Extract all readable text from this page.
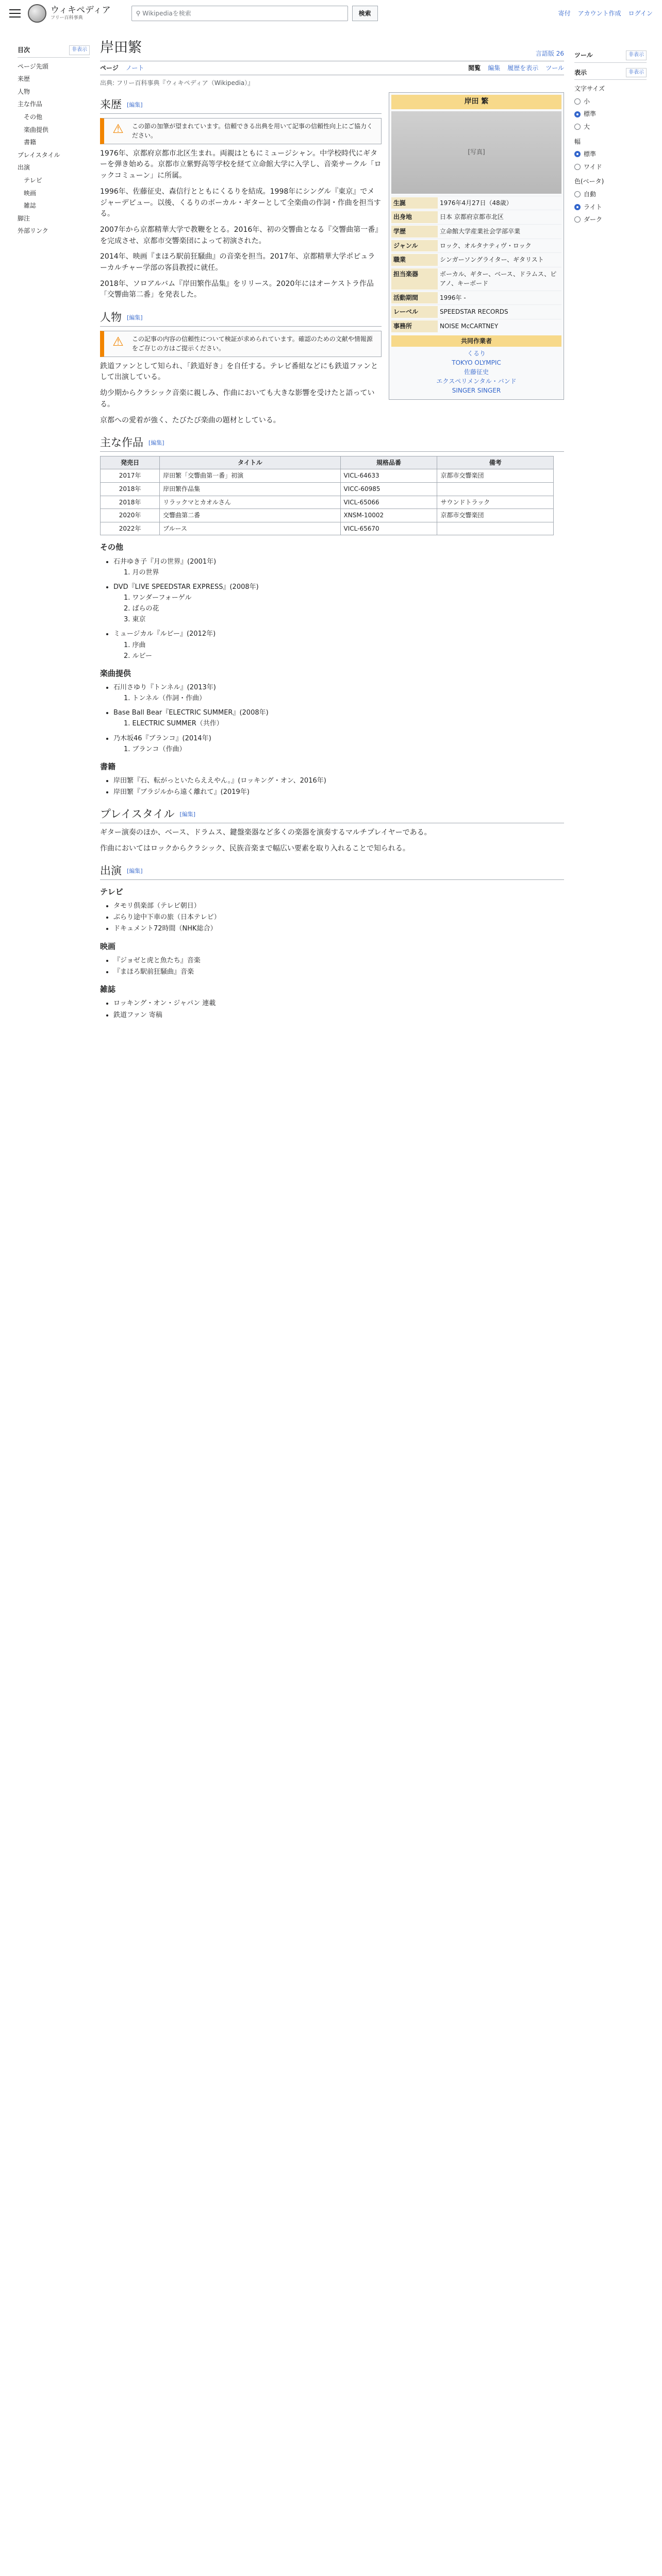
ウィキペディア
フリー百科事典
⚲ Wikipediaを検索	検索	寄付 アカウント作成 ログイン
目次	非表示
ページ先頭
来歴
人物
主な作品
その他
楽曲提供
書籍
プレイスタイル
出演
テレビ
映画
雑誌
脚注
外部リンク
ツール	非表示
表示	非表示
文字サイズ
小
標準
大
幅
標準
ワイド
色(ベータ)
自動
ライト
ダーク
岸田繁	言語版 26
ページ ノート	閲覧 編集 履歴を表示 ツール
出典: フリー百科事典『ウィキペディア（Wikipedia）』
岸田 繁
[写真]
生誕	1976年4月27日（48歳）
出身地	日本 京都府京都市北区
学歴	立命館大学産業社会学部卒業
ジャンル	ロック、オルタナティヴ・ロック
職業	シンガーソングライター、ギタリスト
担当楽器	ボーカル、ギター、ベース、ドラムス、ピアノ、キーボード
活動期間	1996年 -
レーベル	SPEEDSTAR RECORDS
事務所	NOISE McCARTNEY
共同作業者
くるり
TOKYO OLYMPIC
佐藤征史
エクスペリメンタル・バンド
SINGER SINGER
来歴 [編集]
⚠	この節の加筆が望まれています。信頼できる出典を用いて記事の信頼性向上にご協力ください。

1976年、京都府京都市北区生まれ。両親はともにミュージシャン。中学校時代にギターを弾き始める。京都市立紫野高等学校を経て立命館大学に入学し、音楽サークル「ロックコミューン」に所属。

1996年、佐藤征史、森信行とともにくるりを結成。1998年にシングル『東京』でメジャーデビュー。以後、くるりのボーカル・ギターとして全楽曲の作詞・作曲を担当する。

2007年から京都精華大学で教鞭をとる。2016年、初の交響曲となる『交響曲第一番』を完成させ、京都市交響楽団によって初演された。

2014年、映画『まほろ駅前狂騒曲』の音楽を担当。2017年、京都精華大学ポピュラーカルチャー学部の客員教授に就任。

2018年、ソロアルバム『岸田繁作品集』をリリース。2020年にはオーケストラ作品「交響曲第二番」を発表した。

人物 [編集]
⚠	この記事の内容の信頼性について検証が求められています。確認のための文献や情報源をご存じの方はご提示ください。

鉄道ファンとして知られ、「鉄道好き」を自任する。テレビ番組などにも鉄道ファンとして出演している。

幼少期からクラシック音楽に親しみ、作曲においても大きな影響を受けたと語っている。

京都への愛着が強く、たびたび楽曲の題材としている。

主な作品 [編集]
発売日	タイトル	規格品番	備考
2017年	岸田繁「交響曲第一番」初演	VICL-64633	京都市交響楽団
2018年	岸田繁作品集	VICC-60985	
2018年	リラックマとカオルさん	VICL-65066	サウンドトラック
2020年	交響曲第二番	XNSM-10002	京都市交響楽団
2022年	ブルース	VICL-65670	
その他
• 石井ゆき子『月の世界』(2001年)
1. 月の世界
• DVD『LIVE SPEEDSTAR EXPRESS』(2008年)
1. ワンダーフォーゲル
2. ばらの花
3. 東京
• ミュージカル『ルビー』(2012年)
1. 序曲
2. ルビー
楽曲提供
• 石川さゆり『トンネル』(2013年)
1. トンネル（作詞・作曲）
• Base Ball Bear『ELECTRIC SUMMER』(2008年)
1. ELECTRIC SUMMER（共作）
• 乃木坂46『ブランコ』(2014年)
1. ブランコ（作曲）
書籍
• 岸田繁『石、転がっといたらええやん。』(ロッキング・オン、2016年)
• 岸田繁『ブラジルから遠く離れて』(2019年)
プレイスタイル [編集]

ギター演奏のほか、ベース、ドラムス、鍵盤楽器など多くの楽器を演奏するマルチプレイヤーである。

作曲においてはロックからクラシック、民族音楽まで幅広い要素を取り入れることで知られる。

出演 [編集]
テレビ
• タモリ倶楽部（テレビ朝日）
• ぶらり途中下車の旅（日本テレビ）
• ドキュメント72時間（NHK総合）
映画
• 『ジョゼと虎と魚たち』音楽
• 『まほろ駅前狂騒曲』音楽
雑誌
• ロッキング・オン・ジャパン 連載
• 鉄道ファン 寄稿
